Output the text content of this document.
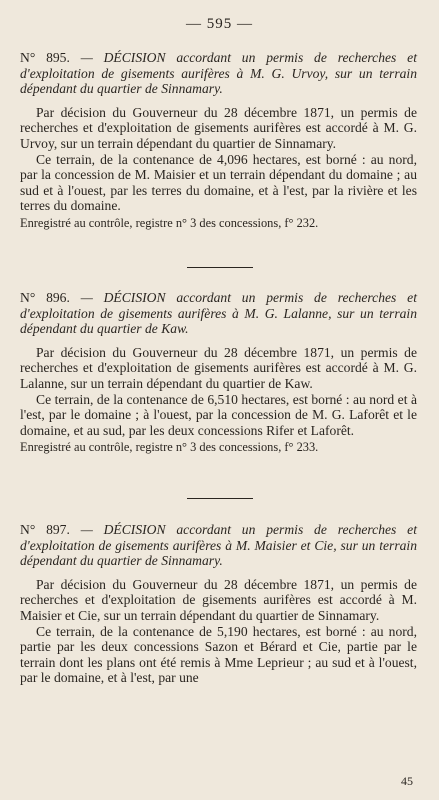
— 595 —

N° 895. — DÉCISION accordant un permis de recherches et d'exploitation de gisements aurifères à M. G. Urvoy, sur un terrain dépendant du quartier de Sinnamary.

Par décision du Gouverneur du 28 décembre 1871, un permis de recherches et d'exploitation de gisements aurifères est accordé à M. G. Urvoy, sur un terrain dépendant du quartier de Sinnamary.

Ce terrain, de la contenance de 4,096 hectares, est borné : au nord, par la concession de M. Maisier et un terrain dépendant du domaine ; au sud et à l'ouest, par les terres du domaine, et à l'est, par la rivière et les terres du domaine.

Enregistré au contrôle, registre n° 3 des concessions, f° 232.

N° 896. — DÉCISION accordant un permis de recherches et d'exploitation de gisements aurifères à M. G. Lalanne, sur un terrain dépendant du quartier de Kaw.

Par décision du Gouverneur du 28 décembre 1871, un permis de recherches et d'exploitation de gisements aurifères est accordé à M. G. Lalanne, sur un terrain dépendant du quartier de Kaw.

Ce terrain, de la contenance de 6,510 hectares, est borné : au nord et à l'est, par le domaine ; à l'ouest, par la concession de M. G. Laforêt et le domaine, et au sud, par les deux concessions Rifer et Laforêt.

Enregistré au contrôle, registre n° 3 des concessions, f° 233.

N° 897. — DÉCISION accordant un permis de recherches et d'exploitation de gisements aurifères à M. Maisier et Cie, sur un terrain dépendant du quartier de Sinnamary.

Par décision du Gouverneur du 28 décembre 1871, un permis de recherches et d'exploitation de gisements aurifères est accordé à M. Maisier et Cie, sur un terrain dépendant du quartier de Sinnamary.

Ce terrain, de la contenance de 5,190 hectares, est borné : au nord, partie par les deux concessions Sazon et Bérard et Cie, partie par le terrain dont les plans ont été remis à Mme Leprieur ; au sud et à l'ouest, par le domaine, et à l'est, par une

45
